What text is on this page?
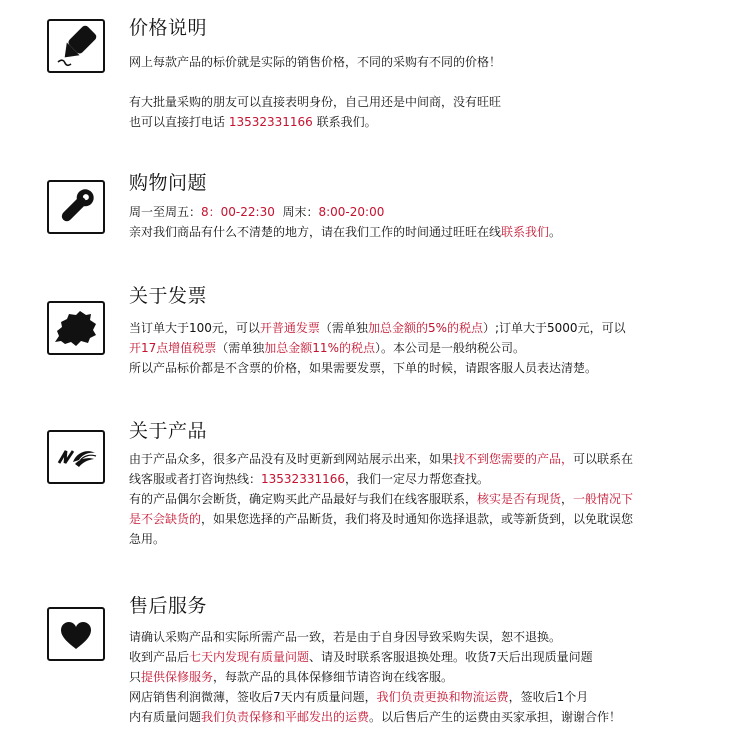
价格说明
网上每款产品的标价就是实际的销售价格，不同的采购有不同的价格！
有大批量采购的朋友可以直接表明身份，自己用还是中间商，没有旺旺
也可以直接打电话 13532331166 联系我们。
购物问题
周一至周五：8：00-22:30  周末：8:00-20:00
亲对我们商品有什么不清楚的地方，请在我们工作的时间通过旺旺在线联系我们。
关于发票
当订单大于100元，可以开普通发票（需单独加总金额的5%的税点）;订单大于5000元，可以
开17点增值税票（需单独加总金额11%的税点）。本公司是一般纳税公司。
所以产品标价都是不含票的价格，如果需要发票，下单的时候，请跟客服人员表达清楚。
关于产品
由于产品众多，很多产品没有及时更新到网站展示出来，如果找不到您需要的产品，可以联系在
线客服或者打咨询热线：13532331166，我们一定尽力帮您查找。
有的产品偶尔会断货，确定购买此产品最好与我们在线客服联系，核实是否有现货，一般情况下
是不会缺货的，如果您选择的产品断货，我们将及时通知你选择退款，或等新货到，以免耽误您
急用。
售后服务
请确认采购产品和实际所需产品一致，若是由于自身因导致采购失误，恕不退换。
收到产品后七天内发现有质量问题、请及时联系客服退换处理。收货7天后出现质量问题
只提供保修服务，每款产品的具体保修细节请咨询在线客服。
网店销售利润微薄，签收后7天内有质量问题，我们负责更换和物流运费，签收后1个月
内有质量问题我们负责保修和平邮发出的运费。以后售后产生的运费由买家承担，谢谢合作！
